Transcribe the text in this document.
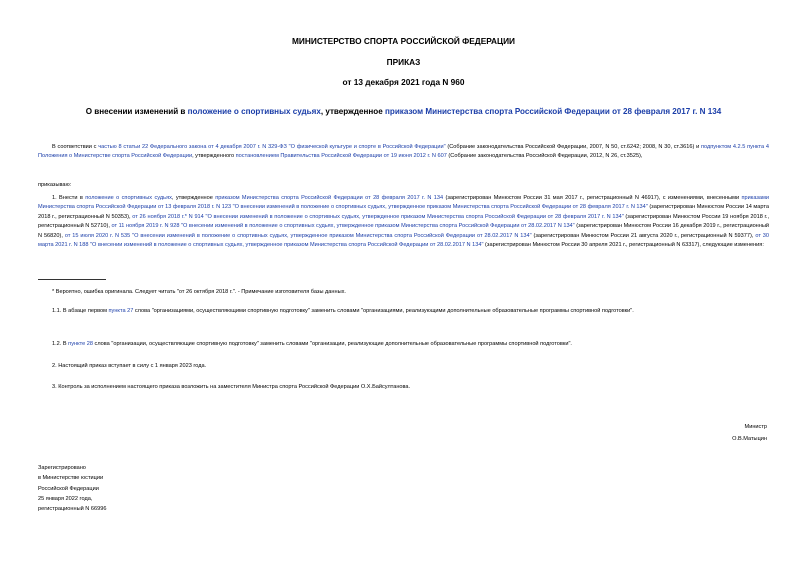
МИНИСТЕРСТВО СПОРТА РОССИЙСКОЙ ФЕДЕРАЦИИ
ПРИКАЗ
от 13 декабря 2021 года N 960
О внесении изменений в положение о спортивных судьях, утвержденное приказом Министерства спорта Российской Федерации от 28 февраля 2017 г. N 134
В соответствии с частью 8 статьи 22 Федерального закона от 4 декабря 2007 г. N 329-ФЗ "О физической культуре и спорте в Российской Федерации" (Собрание законодательства Российской Федерации, 2007, N 50, ст.6242; 2008, N 30, ст.3616) и подпунктом 4.2.5 пункта 4 Положения о Министерстве спорта Российской Федерации, утвержденного постановлением Правительства Российской Федерации от 19 июня 2012 г. N 607 (Собрание законодательства Российской Федерации, 2012, N 26, ст.3525),
приказываю:
1. Внести в положение о спортивных судьях, утвержденное приказом Министерства спорта Российской Федерации от 28 февраля 2017 г. N 134 (зарегистрирован Минюстом России 31 мая 2017 г., регистрационный N 46917), с изменениями, внесенными приказами Министерства спорта Российской Федерации от 13 февраля 2018 г. N 123 "О внесении изменений в положение о спортивных судьях, утвержденное приказом Министерства спорта Российской Федерации от 28 февраля 2017 г. N 134" (зарегистрирован Минюстом России 14 марта 2018 г., регистрационный N 50353), от 26 ноября 2018 г.* N 914 "О внесении изменений в положение о спортивных судьях, утвержденное приказом Министерства спорта Российской Федерации от 28 февраля 2017 г. N 134" (зарегистрирован Минюстом России 19 ноября 2018 г., регистрационный N 52710), от 11 ноября 2019 г. N 928 "О внесении изменений в положение о спортивных судьях, утвержденное приказом Министерства спорта Российской Федерации от 28.02.2017 N 134" (зарегистрирован Минюстом России 16 декабря 2019 г., регистрационный N 56820), от 15 июля 2020 г. N 535 "О внесении изменений в положение о спортивных судьях, утвержденное приказом Министерства спорта Российской Федерации от 28.02.2017 N 134" (зарегистрирован Минюстом России 21 августа 2020 г., регистрационный N 59377), от 30 марта 2021 г. N 188 "О внесении изменений в положение о спортивных судьях, утвержденное приказом Министерства спорта Российской Федерации от 28.02.2017 N 134" (зарегистрирован Минюстом России 30 апреля 2021 г., регистрационный N 63317), следующие изменения:
* Вероятно, ошибка оригинала. Следует читать "от 26 октября 2018 г.". - Примечание изготовителя базы данных.
1.1. В абзаце первом пункта 27 слова "организациями, осуществляющими спортивную подготовку" заменить словами "организациями, реализующими дополнительные образовательные программы спортивной подготовки".
1.2. В пункте 28 слова "организации, осуществляющие спортивную подготовку" заменить словами "организации, реализующие дополнительные образовательные программы спортивной подготовки".
2. Настоящий приказ вступает в силу с 1 января 2023 года.
3. Контроль за исполнением настоящего приказа возложить на заместителя Министра спорта Российской Федерации О.Х.Байсултанова.
Министр
О.В.Матыцин
Зарегистрировано
в Министерстве юстиции
Российской Федерации
25 января 2022 года,
регистрационный N 66996
